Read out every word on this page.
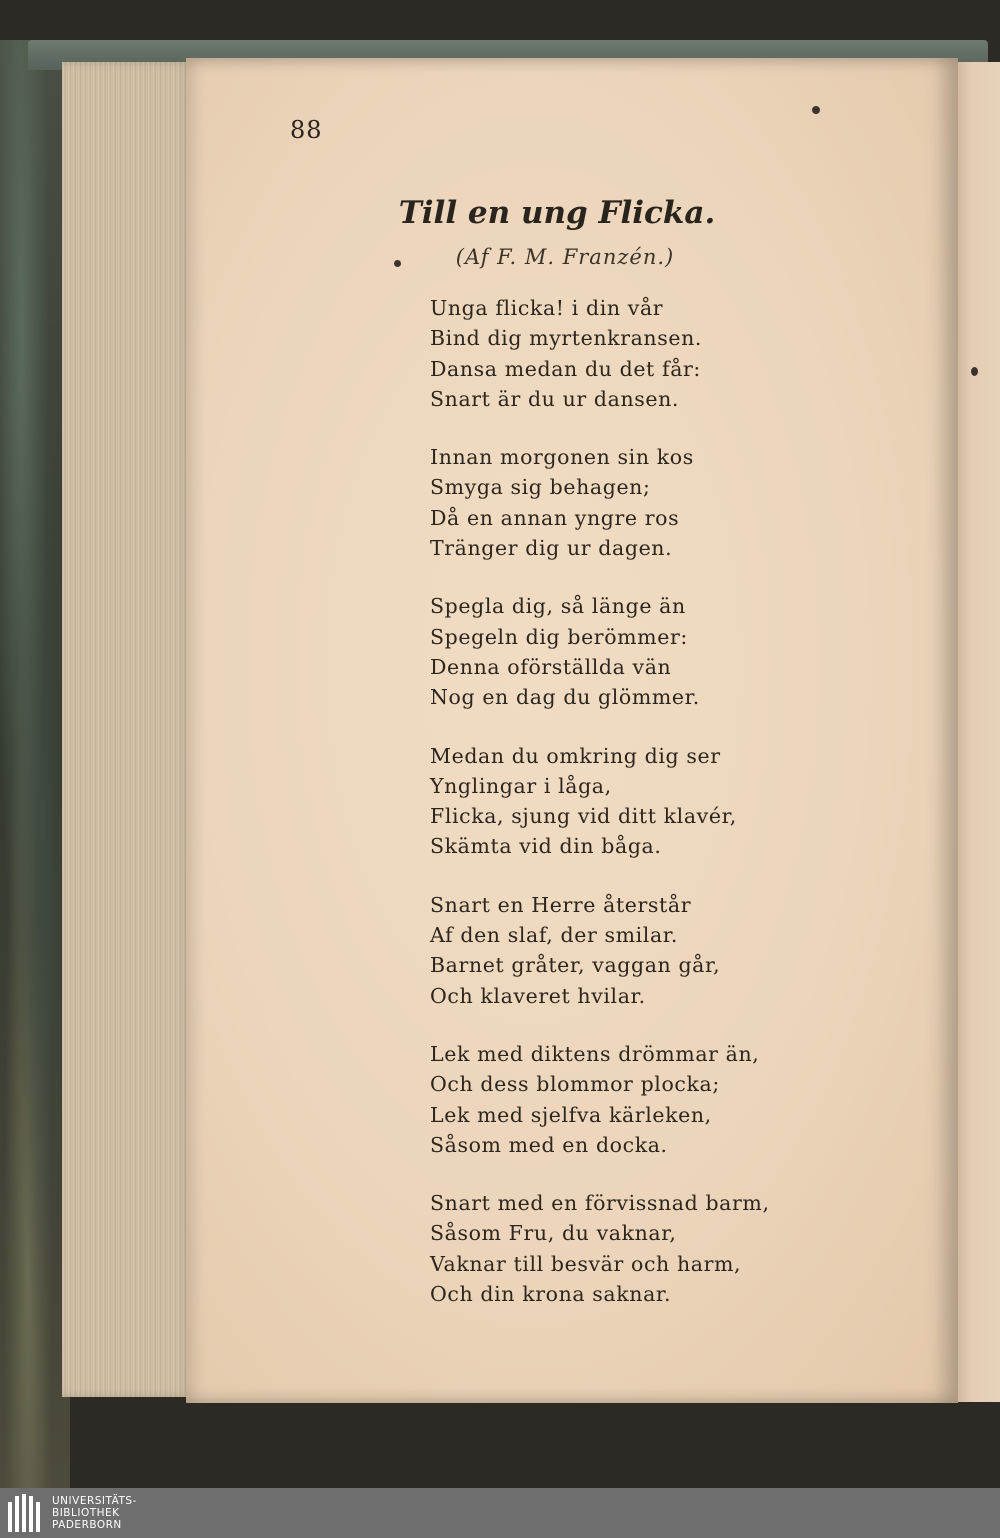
88
Till en ung Flicka.
(Af F. M. Franzén.)
Unga flicka! i din vår
Bind dig myrtenkransen.
Dansa medan du det får:
Snart är du ur dansen.
Innan morgonen sin kos
Smyga sig behagen;
Då en annan yngre ros
Tränger dig ur dagen.
Spegla dig, så länge än
Spegeln dig berömmer:
Denna oförställda vän
Nog en dag du glömmer.
Medan du omkring dig ser
Ynglingar i låga,
Flicka, sjung vid ditt klavér,
Skämta vid din båga.
Snart en Herre återstår
Af den slaf, der smilar.
Barnet gråter, vaggan går,
Och klaveret hvilar.
Lek med diktens drömmar än,
Och dess blommor plocka;
Lek med sjelfva kärleken,
Såsom med en docka.
Snart med en förvissnad barm,
Såsom Fru, du vaknar,
Vaknar till besvär och harm,
Och din krona saknar.
UNIVERSITÄTS-
BIBLIOTHEK
PADERBORN
